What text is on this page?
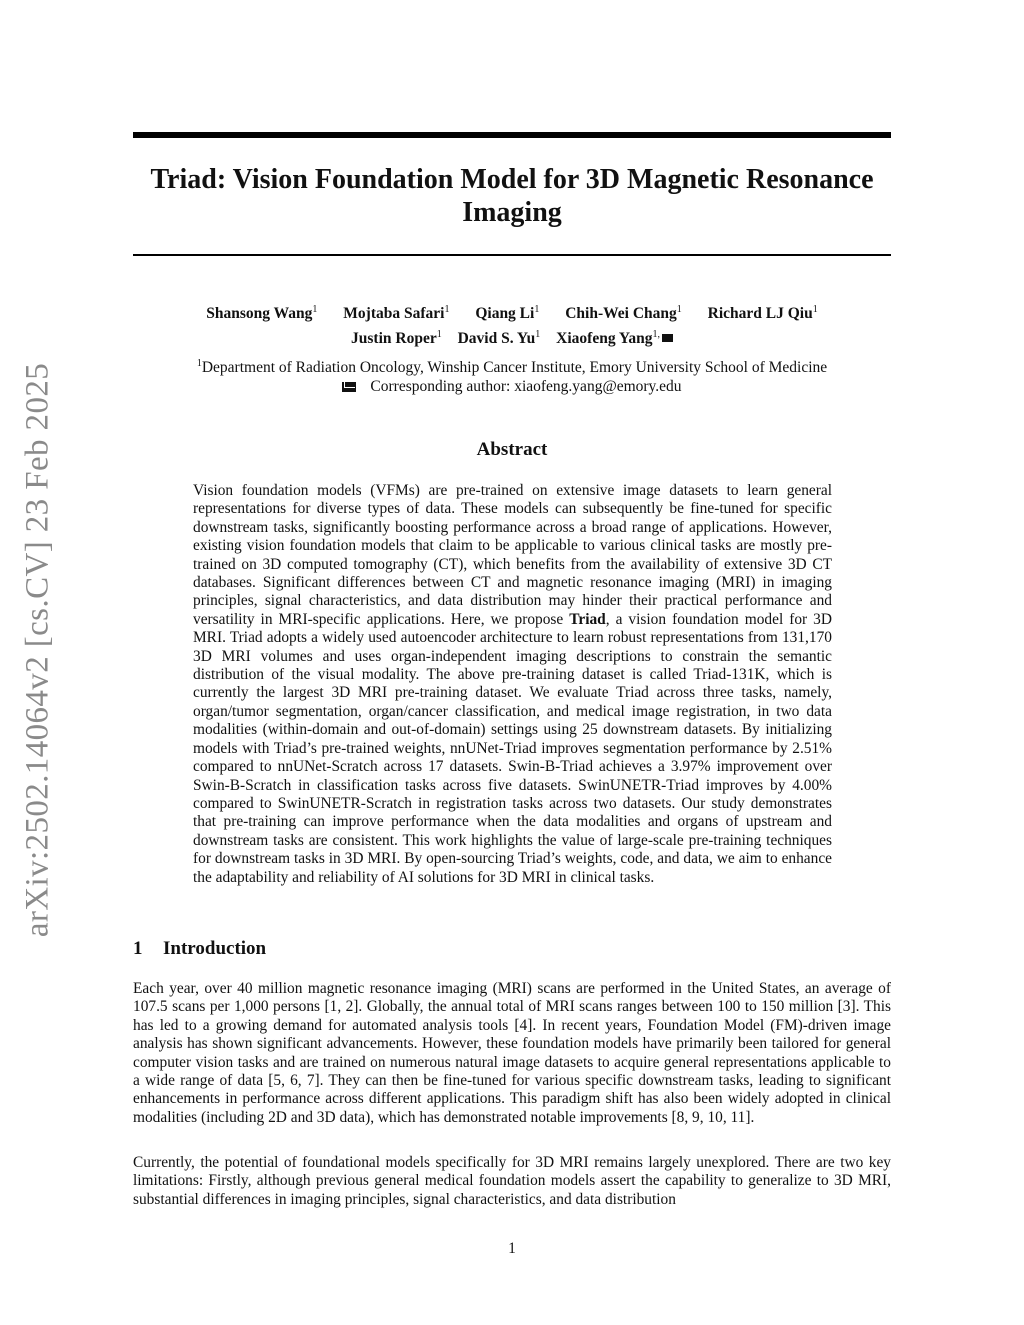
arXiv:2502.14064v2 [cs.CV] 23 Feb 2025
Triad: Vision Foundation Model for 3D Magnetic Resonance Imaging
Shansong Wang$^1$ Mojtaba Safari$^1$ Qiang Li$^1$ Chih-Wei Chang$^1$ Richard LJ Qiu$^1$
Justin Roper$^1$ David S. Yu$^1$ Xiaofeng Yang$^{1,}$
$^1$Department of Radiation Oncology, Winship Cancer Institute, Emory University School of Medicine
Corresponding author: xiaofeng.yang@emory.edu
Abstract
Vision foundation models (VFMs) are pre-trained on extensive image datasets to learn general representations for diverse types of data. These models can subsequently be fine-tuned for specific downstream tasks, significantly boosting performance across a broad range of applications. However, existing vision foundation models that claim to be applicable to various clinical tasks are mostly pre-trained on 3D computed tomography (CT), which benefits from the availability of extensive 3D CT databases. Significant differences between CT and magnetic resonance imaging (MRI) in imaging principles, signal characteristics, and data distribution may hinder their practical performance and versatility in MRI-specific applications. Here, we propose Triad, a vision foundation model for 3D MRI. Triad adopts a widely used autoencoder architecture to learn robust representations from 131,170 3D MRI volumes and uses organ-independent imaging descriptions to constrain the semantic distribution of the visual modality. The above pre-training dataset is called Triad-131K, which is currently the largest 3D MRI pre-training dataset. We evaluate Triad across three tasks, namely, organ/tumor segmentation, organ/cancer classification, and medical image registration, in two data modalities (within-domain and out-of-domain) settings using 25 downstream datasets. By initializing models with Triad’s pre-trained weights, nnUNet-Triad improves segmentation performance by 2.51% compared to nnUNet-Scratch across 17 datasets. Swin-B-Triad achieves a 3.97% improvement over Swin-B-Scratch in classification tasks across five datasets. SwinUNETR-Triad improves by 4.00% compared to SwinUNETR-Scratch in registration tasks across two datasets. Our study demonstrates that pre-training can improve performance when the data modalities and organs of upstream and downstream tasks are consistent. This work highlights the value of large-scale pre-training techniques for downstream tasks in 3D MRI. By open-sourcing Triad’s weights, code, and data, we aim to enhance the adaptability and reliability of AI solutions for 3D MRI in clinical tasks.
1 Introduction

Each year, over 40 million magnetic resonance imaging (MRI) scans are performed in the United States, an average of 107.5 scans per 1,000 persons [1, 2]. Globally, the annual total of MRI scans ranges between 100 to 150 million [3]. This has led to a growing demand for automated analysis tools [4]. In recent years, Foundation Model (FM)-driven image analysis has shown significant advancements. However, these foundation models have primarily been tailored for general computer vision tasks and are trained on numerous natural image datasets to acquire general representations applicable to a wide range of data [5, 6, 7]. They can then be fine-tuned for various specific downstream tasks, leading to significant enhancements in performance across different applications. This paradigm shift has also been widely adopted in clinical modalities (including 2D and 3D data), which has demonstrated notable improvements [8, 9, 10, 11].

Currently, the potential of foundational models specifically for 3D MRI remains largely unexplored. There are two key limitations: Firstly, although previous general medical foundation models assert the capability to generalize to 3D MRI, substantial differences in imaging principles, signal characteristics, and data distribution

1
